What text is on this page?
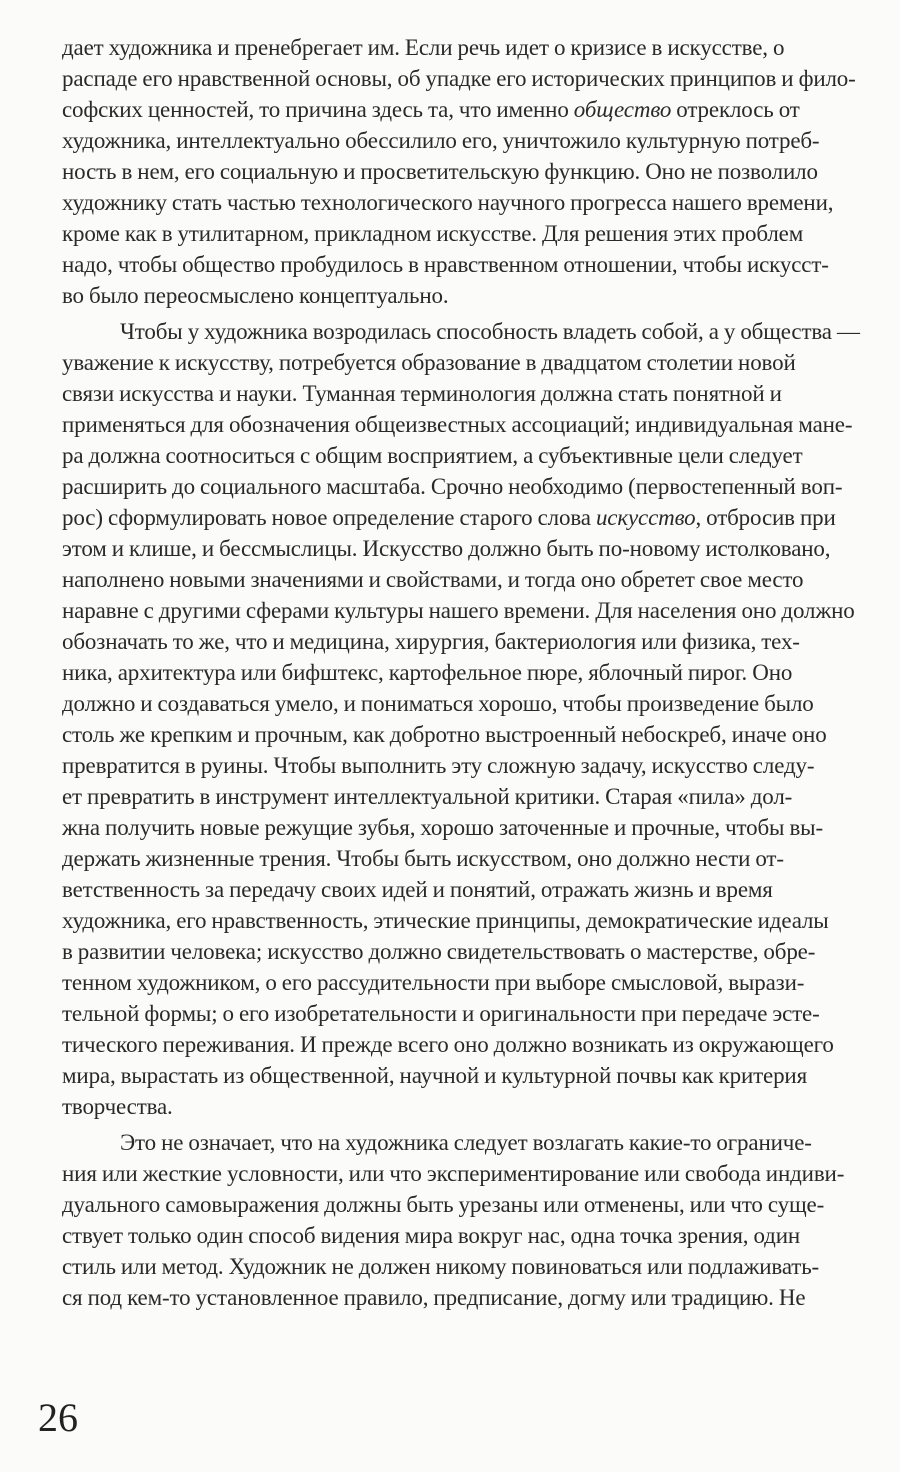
дает художника и пренебрегает им. Если речь идет о кризисе в искусстве, о
распаде его нравственной основы, об упадке его исторических принципов и фило-
софских ценностей, то причина здесь та, что именно общество отреклось от
художника, интеллектуально обессилило его, уничтожило культурную потреб-
ность в нем, его социальную и просветительскую функцию. Оно не позволило
художнику стать частью технологического научного прогресса нашего времени,
кроме как в утилитарном, прикладном искусстве. Для решения этих проблем
надо, чтобы общество пробудилось в нравственном отношении, чтобы искусст-
во было переосмыслено концептуально.

Чтобы у художника возродилась способность владеть собой, а у общества —
уважение к искусству, потребуется образование в двадцатом столетии новой
связи искусства и науки. Туманная терминология должна стать понятной и
применяться для обозначения общеизвестных ассоциаций; индивидуальная мане-
ра должна соотноситься с общим восприятием, а субъективные цели следует
расширить до социального масштаба. Срочно необходимо (первостепенный воп-
рос) сформулировать новое определение старого слова искусство, отбросив при
этом и клише, и бессмыслицы. Искусство должно быть по-новому истолковано,
наполнено новыми значениями и свойствами, и тогда оно обретет свое место
наравне с другими сферами культуры нашего времени. Для населения оно должно
обозначать то же, что и медицина, хирургия, бактериология или физика, тех-
ника, архитектура или бифштекс, картофельное пюре, яблочный пирог. Оно
должно и создаваться умело, и пониматься хорошо, чтобы произведение было
столь же крепким и прочным, как добротно выстроенный небоскреб, иначе оно
превратится в руины. Чтобы выполнить эту сложную задачу, искусство следу-
ет превратить в инструмент интеллектуальной критики. Старая «пила» дол-
жна получить новые режущие зубья, хорошо заточенные и прочные, чтобы вы-
держать жизненные трения. Чтобы быть искусством, оно должно нести от-
ветственность за передачу своих идей и понятий, отражать жизнь и время
художника, его нравственность, этические принципы, демократические идеалы
в развитии человека; искусство должно свидетельствовать о мастерстве, обре-
тенном художником, о его рассудительности при выборе смысловой, вырази-
тельной формы; о его изобретательности и оригинальности при передаче эсте-
тического переживания. И прежде всего оно должно возникать из окружающего
мира, вырастать из общественной, научной и культурной почвы как критерия
творчества.

Это не означает, что на художника следует возлагать какие-то ограниче-
ния или жесткие условности, или что экспериментирование или свобода индиви-
дуального самовыражения должны быть урезаны или отменены, или что суще-
ствует только один способ видения мира вокруг нас, одна точка зрения, один
стиль или метод. Художник не должен никому повиноваться или подлаживать-
ся под кем-то установленное правило, предписание, догму или традицию. Не

26
